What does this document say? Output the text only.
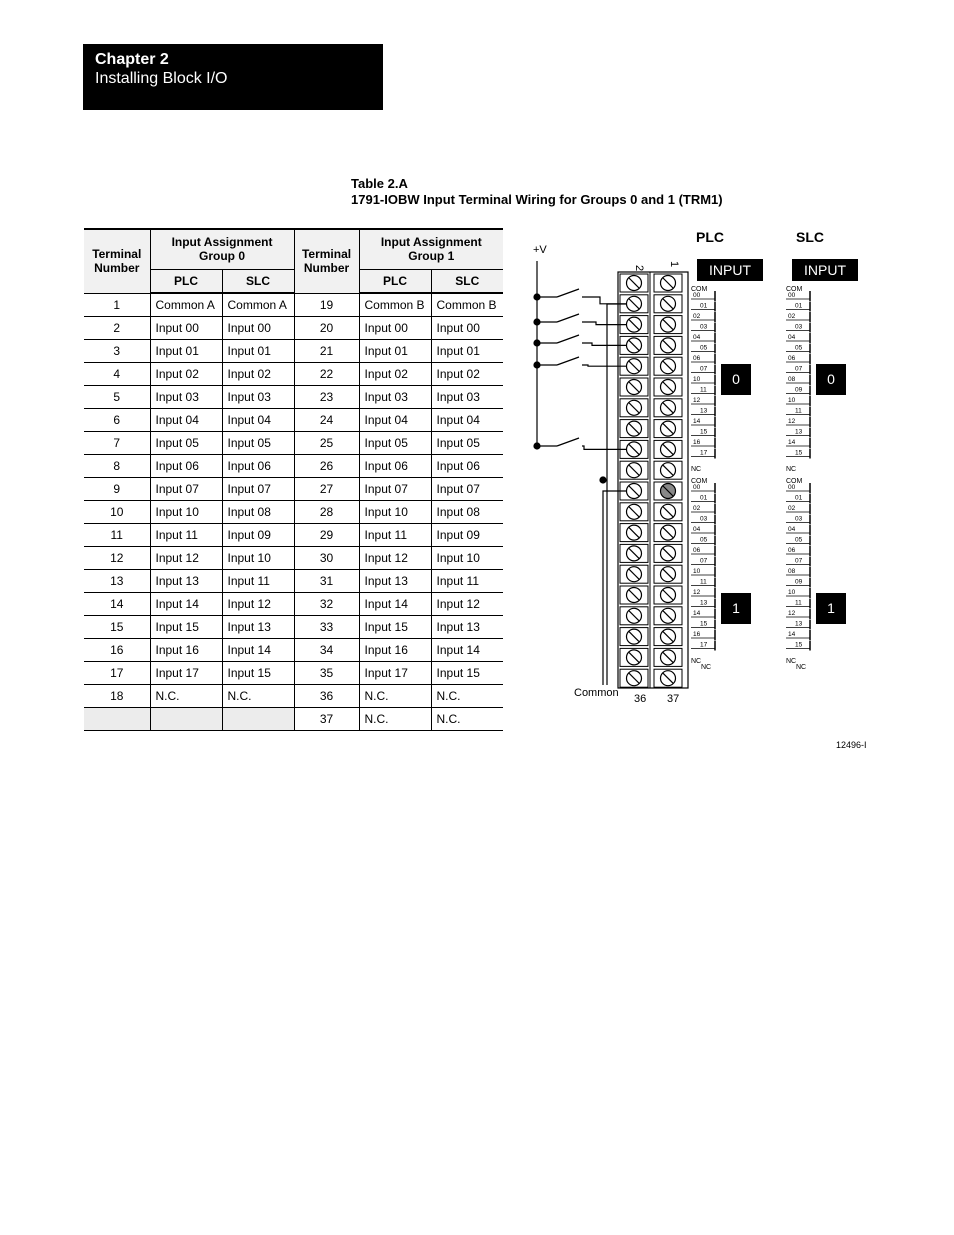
Chapter 2
Installing Block I/O
Table 2.A
1791-IOBW Input Terminal Wiring for Groups 0 and 1 (TRM1)
Terminal Number	Input Assignment Group 0		Terminal Number	Input Assignment Group 1	
	PLC	SLC		PLC	SLC
1	Common A	Common A	19	Common B	Common B
2	Input 00	Input 00	20	Input 00	Input 00
3	Input 01	Input 01	21	Input 01	Input 01
4	Input 02	Input 02	22	Input 02	Input 02
5	Input 03	Input 03	23	Input 03	Input 03
6	Input 04	Input 04	24	Input 04	Input 04
7	Input 05	Input 05	25	Input 05	Input 05
8	Input 06	Input 06	26	Input 06	Input 06
9	Input 07	Input 07	27	Input 07	Input 07
10	Input 10	Input 08	28	Input 10	Input 08
11	Input 11	Input 09	29	Input 11	Input 09
12	Input 12	Input 10	30	Input 12	Input 10
13	Input 13	Input 11	31	Input 13	Input 11
14	Input 14	Input 12	32	Input 14	Input 12
15	Input 15	Input 13	33	Input 15	Input 13
16	Input 16	Input 14	34	Input 16	Input 14
17	Input 17	Input 15	35	Input 17	Input 15
18	N.C.	N.C.	36	N.C.	N.C.
			37	N.C.	N.C.
+V
Common
2
1
36 37
PLC	SLC
INPUT
COM
00
01
02
03
04
05
06
07
10
11
12
13
14
15
16
17
NC
0
COM
00
01
02
03
04
05
06
07
10
11
12
13
14
15
16
17
NC
1
NC
INPUT
COM
00
01
02
03
04
05
06
07
08
09
10
11
12
13
14
15
NC
0
COM
00
01
02
03
04
05
06
07
08
09
10
11
12
13
14
15
NC
1
NC
12496-I
